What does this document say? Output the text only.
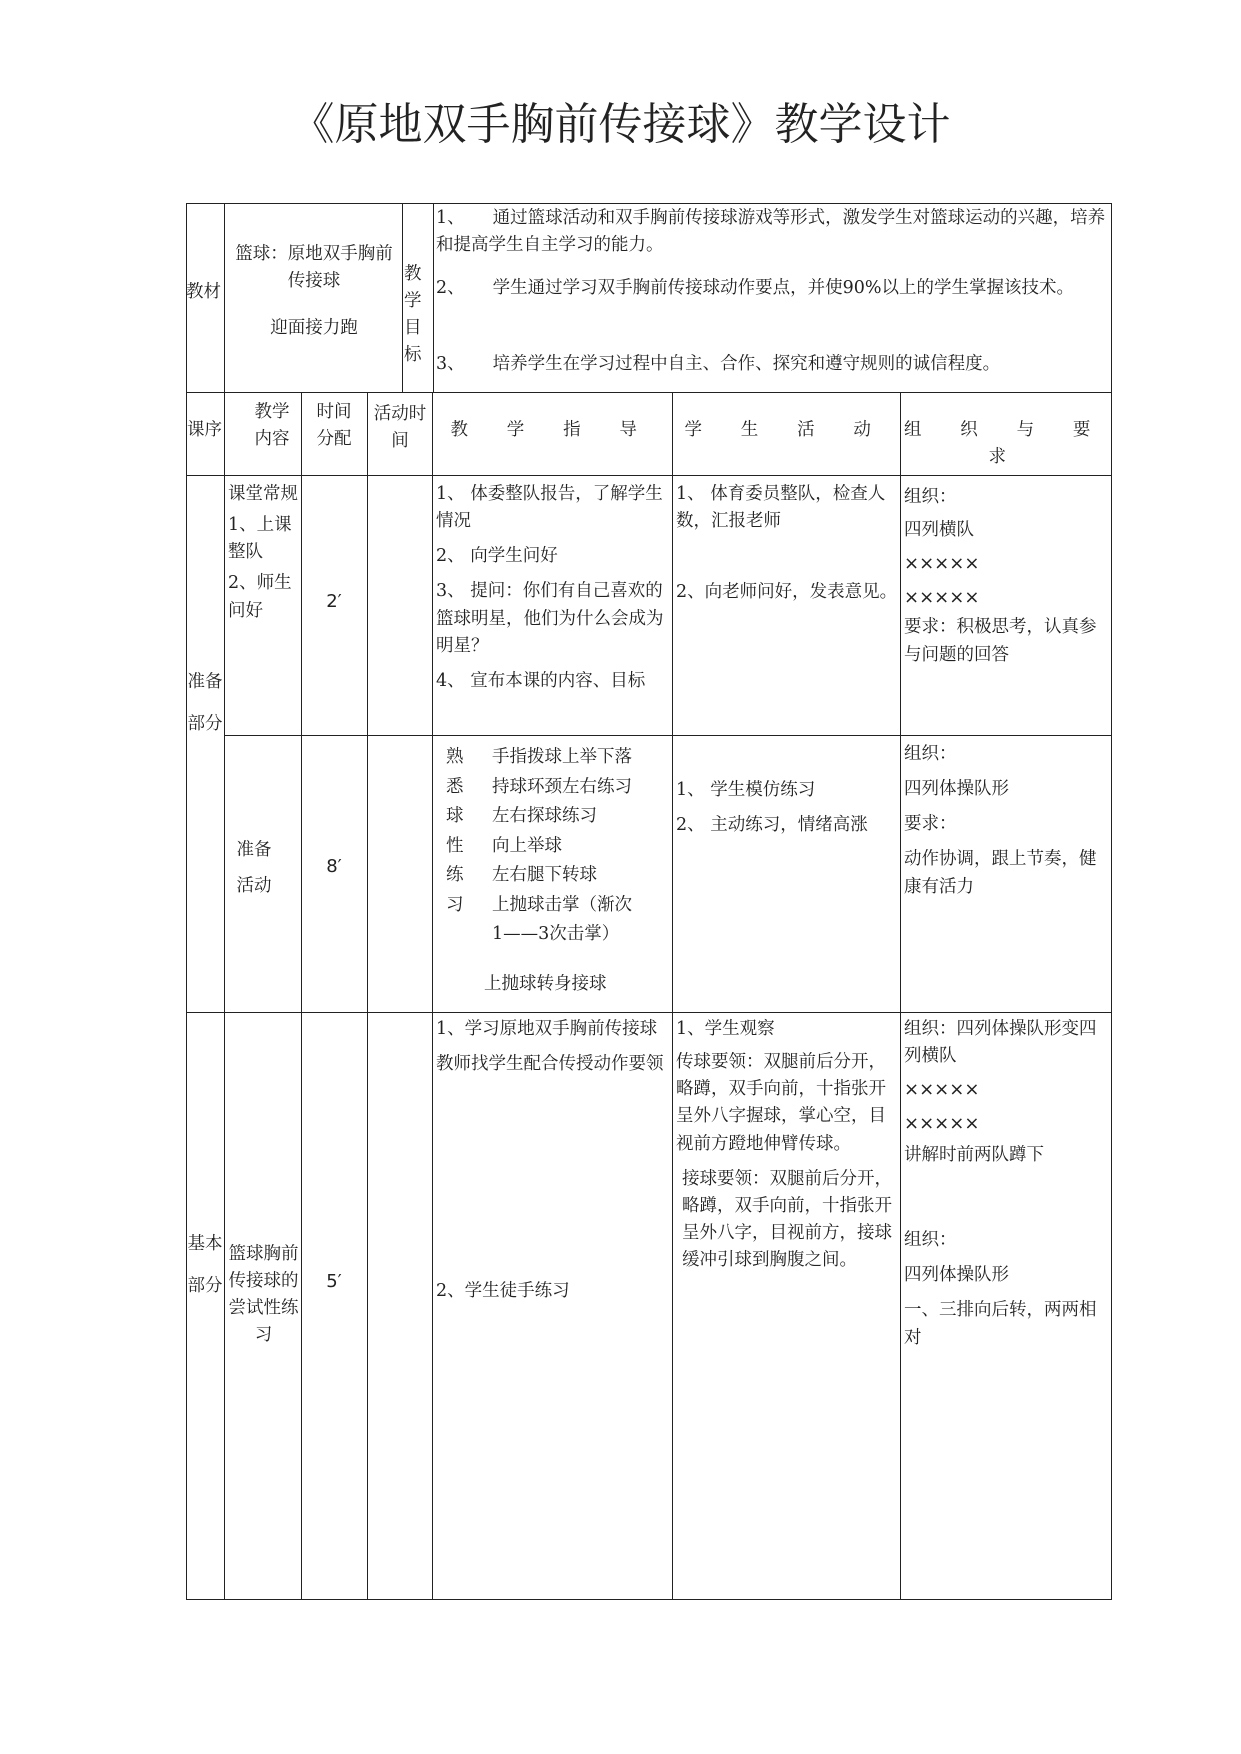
《原地双手胸前传接球》教学设计
教材
篮球：原地双手胸前传接球
迎面接力跑
教学目标
1、 通过篮球活动和双手胸前传接球游戏等形式，激发学生对篮球运动的兴趣，培养和提高学生自主学习的能力。
2、 学生通过学习双手胸前传接球动作要点，并使90%以上的学生掌握该技术。
3、 培养学生在学习过程中自主、合作、探究和遵守规则的诚信程度。
课序
教学内容
时间分配
活动时间
教 学 指 导	学 生 活 动 组 织 与 要 求
准备部分
基本部分
课堂常规
1、上课整队
2、师生问好	2′
1、 体委整队报告，了解学生情况
2、 向学生问好
3、 提问：你们有自己喜欢的篮球明星，他们为什么会成为明星？
4、 宣布本课的内容、目标
1、 体育委员整队，检查人数，汇报老师
2、向老师问好，发表意见。
组织：
四列横队
×××××
×××××
要求：积极思考，认真参与问题的回答
准备活动
8′
熟
悉
球
性
练
习
手指拨球上举下落
持球环颈左右练习
左右探球练习
向上举球
左右腿下转球
上抛球击掌（渐次
1——3次击掌）
上抛球转身接球
1、 学生模仿练习
2、 主动练习，情绪高涨
组织：
四列体操队形
要求：
动作协调，跟上节奏，健康有活力
篮球胸前传接球的尝试性练习
5′
1、学习原地双手胸前传接球
教师找学生配合传授动作要领
2、学生徒手练习
1、学生观察
传球要领：双腿前后分开，略蹲，双手向前，十指张开呈外八字握球，掌心空，目视前方蹬地伸臂传球。
接球要领：双腿前后分开，略蹲，双手向前，十指张开呈外八字，目视前方，接球缓冲引球到胸腹之间。
组织：四列体操队形变四列横队
×××××
×××××
讲解时前两队蹲下
组织：
四列体操队形
一、三排向后转，两两相对
